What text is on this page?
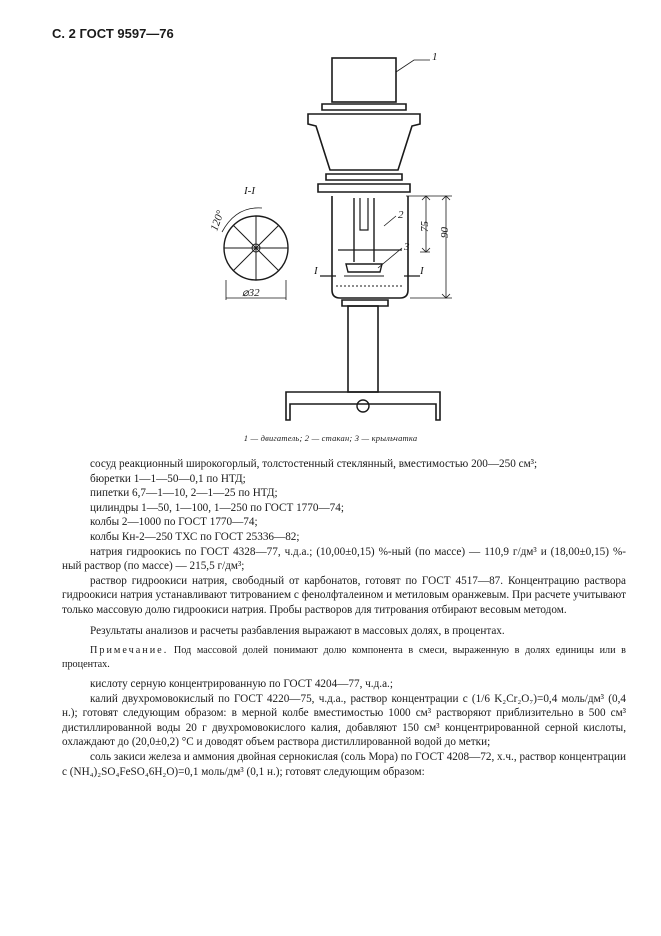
С. 2 ГОСТ 9597—76
I-I
120°
⌀32
1
2
3
I	I
75
90
1 — двигатель; 2 — стакан; 3 — крыльчатка

сосуд реакционный широкогорлый, толстостенный стеклянный, вместимостью 200—250 см³;

бюретки 1—1—50—0,1 по НТД;

пипетки 6,7—1—10, 2—1—25 по НТД;

цилиндры 1—50, 1—100, 1—250 по ГОСТ 1770—74;

колбы 2—1000 по ГОСТ 1770—74;

колбы Кн-2—250 ТХС по ГОСТ 25336—82;

натрия гидроокись по ГОСТ 4328—77, ч.д.а.; (10,00±0,15) %-ный (по массе) — 110,9 г/дм³ и (18,00±0,15) %-ный раствор (по массе) — 215,5 г/дм³;

раствор гидроокиси натрия, свободный от карбонатов, готовят по ГОСТ 4517—87. Концентрацию раствора гидроокиси натрия устанавливают титрованием с фенолфталеином и метиловым оранжевым. При расчете учитывают только массовую долю гидроокиси натрия. Пробы растворов для титрования отбирают весовым методом.

Результаты анализов и расчеты разбавления выражают в массовых долях, в процентах.

Примечание. Под массовой долей понимают долю компонента в смеси, выраженную в долях единицы или в процентах.

кислоту серную концентрированную по ГОСТ 4204—77, ч.д.а.;

калий двухромовокислый по ГОСТ 4220—75, ч.д.а., раствор концентрации c (1/6 K₂Cr₂O₇)=0,4 моль/дм³ (0,4 н.); готовят следующим образом: в мерной колбе вместимостью 1000 см³ растворяют приблизительно в 500 см³ дистиллированной воды 20 г двухромовокислого калия, добавляют 150 см³ концентрированной серной кислоты, охлаждают до (20,0±0,2) °С и доводят объем раствора дистиллированной водой до метки;

соль закиси железа и аммония двойная сернокислая (соль Мора) по ГОСТ 4208—72, х.ч., раствор концентрации c (NH₄)₂SO₄FeSO₄6H₂O)=0,1 моль/дм³ (0,1 н.); готовят следующим образом:
